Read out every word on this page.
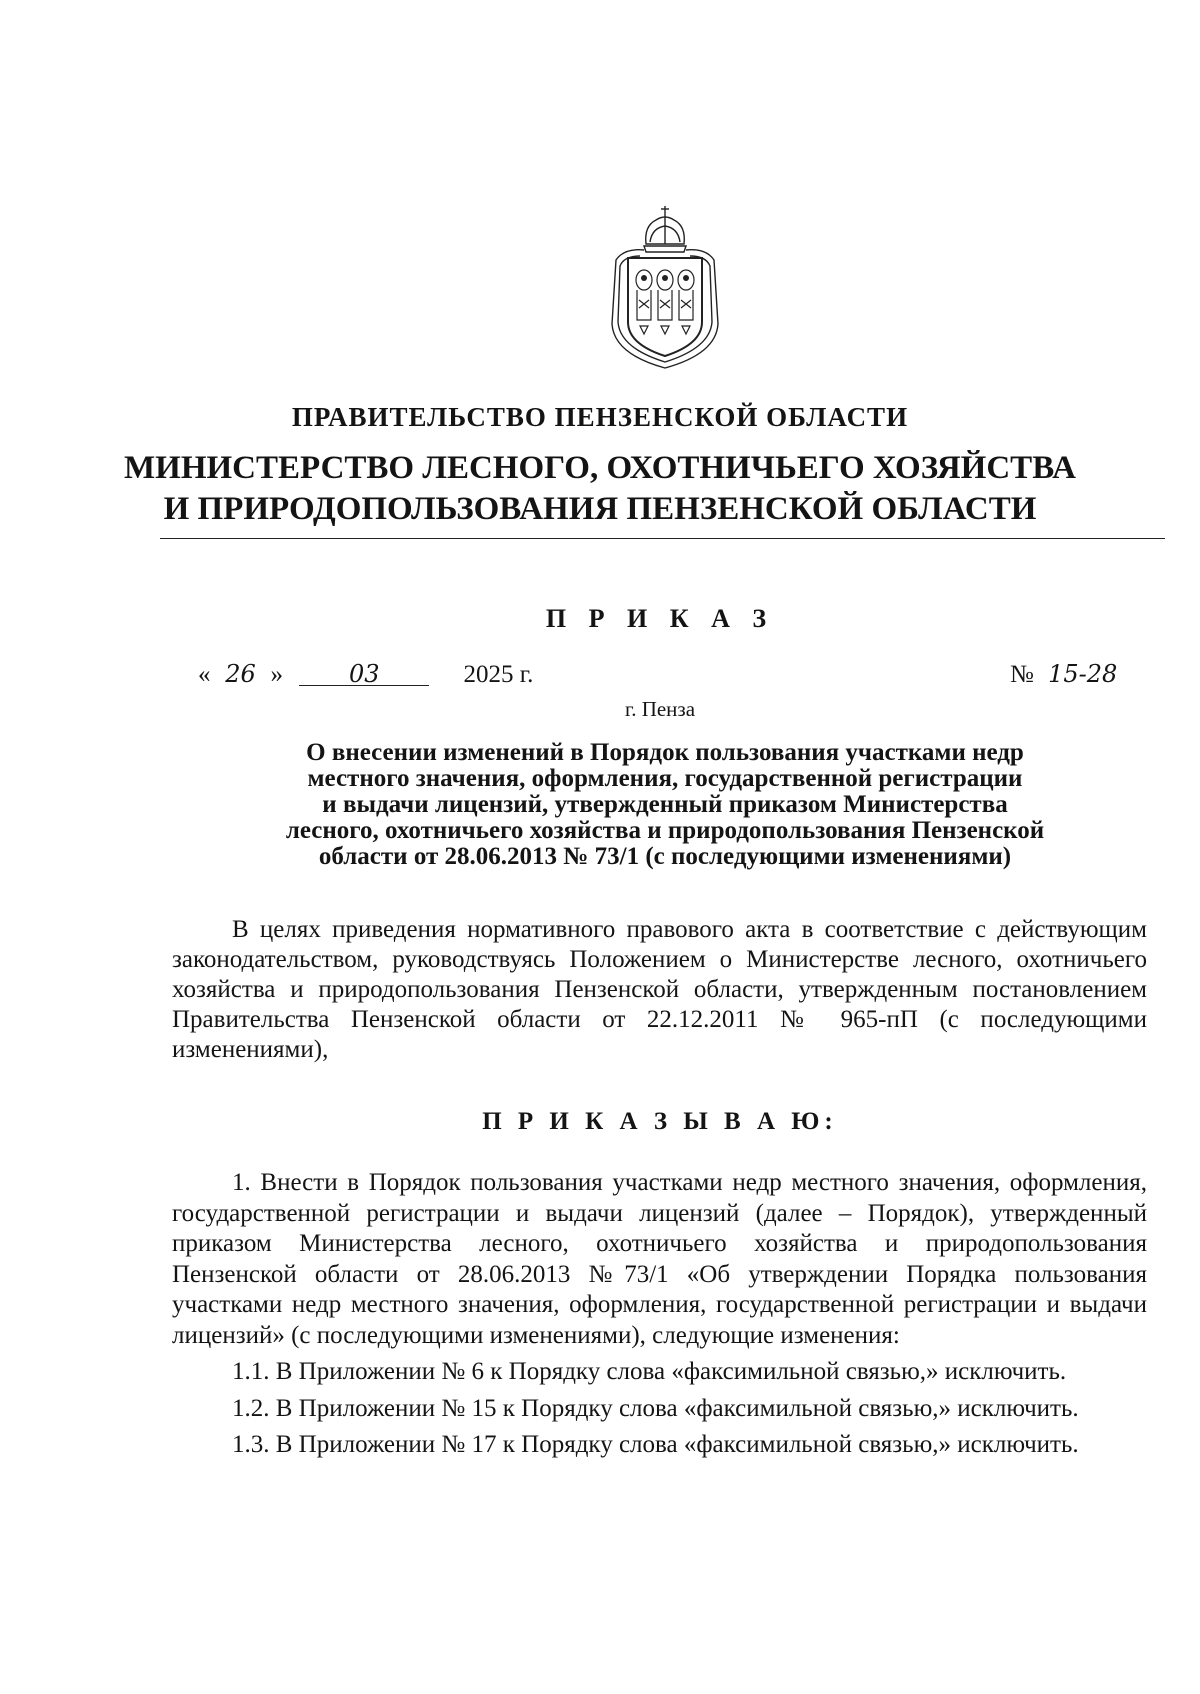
ПРАВИТЕЛЬСТВО ПЕНЗЕНСКОЙ ОБЛАСТИ
МИНИСТЕРСТВО ЛЕСНОГО, ОХОТНИЧЬЕГО ХОЗЯЙСТВА
И ПРИРОДОПОЛЬЗОВАНИЯ ПЕНЗЕНСКОЙ ОБЛАСТИ
П Р И К А З
« 26 »	03	2025 г.	№ 15-28
г. Пенза
О внесении изменений в Порядок пользования участками недр
местного значения, оформления, государственной регистрации
и выдачи лицензий, утвержденный приказом Министерства
лесного, охотничьего хозяйства и природопользования Пензенской
области от 28.06.2013 № 73/1 (с последующими изменениями)

В целях приведения нормативного правового акта в соответствие с действующим законодательством, руководствуясь Положением о Министерстве лесного, охотничьего хозяйства и природопользования Пензенской области, утвержденным постановлением Правительства Пензенской области от 22.12.2011 № 965-пП (с последующими изменениями),

П Р И К А З Ы В А Ю:

1. Внести в Порядок пользования участками недр местного значения, оформления, государственной регистрации и выдачи лицензий (далее – Порядок), утвержденный приказом Министерства лесного, охотничьего хозяйства и природопользования Пензенской области от 28.06.2013 №73/1 «Об утверждении Порядка пользования участками недр местного значения, оформления, государственной регистрации и выдачи лицензий» (с последующими изменениями), следующие изменения:

1.1. В Приложении № 6 к Порядку слова «факсимильной связью,» исключить.

1.2. В Приложении № 15 к Порядку слова «факсимильной связью,» исключить.

1.3. В Приложении № 17 к Порядку слова «факсимильной связью,» исключить.
